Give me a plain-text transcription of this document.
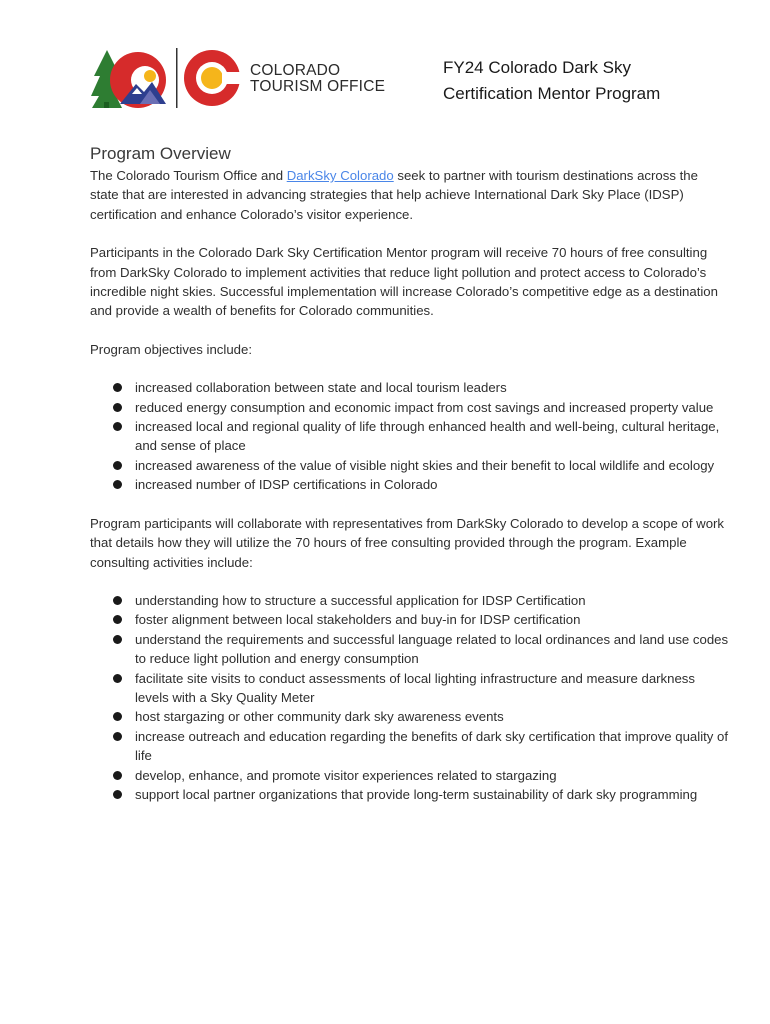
COLORADO
TOURISM OFFICE
FY24 Colorado Dark Sky
Certification Mentor Program
Program Overview

The Colorado Tourism Office and DarkSky Colorado seek to partner with tourism destinations across the state that are interested in advancing strategies that help achieve International Dark Sky Place (IDSP) certification and enhance Colorado’s visitor experience.

Participants in the Colorado Dark Sky Certification Mentor program will receive 70 hours of free consulting from DarkSky Colorado to implement activities that reduce light pollution and protect access to Colorado’s incredible night skies. Successful implementation will increase Colorado’s competitive edge as a destination and provide a wealth of benefits for Colorado communities.

Program objectives include:

increased collaboration between state and local tourism leaders
reduced energy consumption and economic impact from cost savings and increased property value
increased local and regional quality of life through enhanced health and well-being, cultural heritage, and sense of place
increased awareness of the value of visible night skies and their benefit to local wildlife and ecology
increased number of IDSP certifications in Colorado

Program participants will collaborate with representatives from DarkSky Colorado to develop a scope of work that details how they will utilize the 70 hours of free consulting provided through the program. Example consulting activities include:

understanding how to structure a successful application for IDSP Certification
foster alignment between local stakeholders and buy-in for IDSP certification
understand the requirements and successful language related to local ordinances and land use codes to reduce light pollution and energy consumption
facilitate site visits to conduct assessments of local lighting infrastructure and measure darkness levels with a Sky Quality Meter
host stargazing or other community dark sky awareness events
increase outreach and education regarding the benefits of dark sky certification that improve quality of life
develop, enhance, and promote visitor experiences related to stargazing
support local partner organizations that provide long-term sustainability of dark sky programming
